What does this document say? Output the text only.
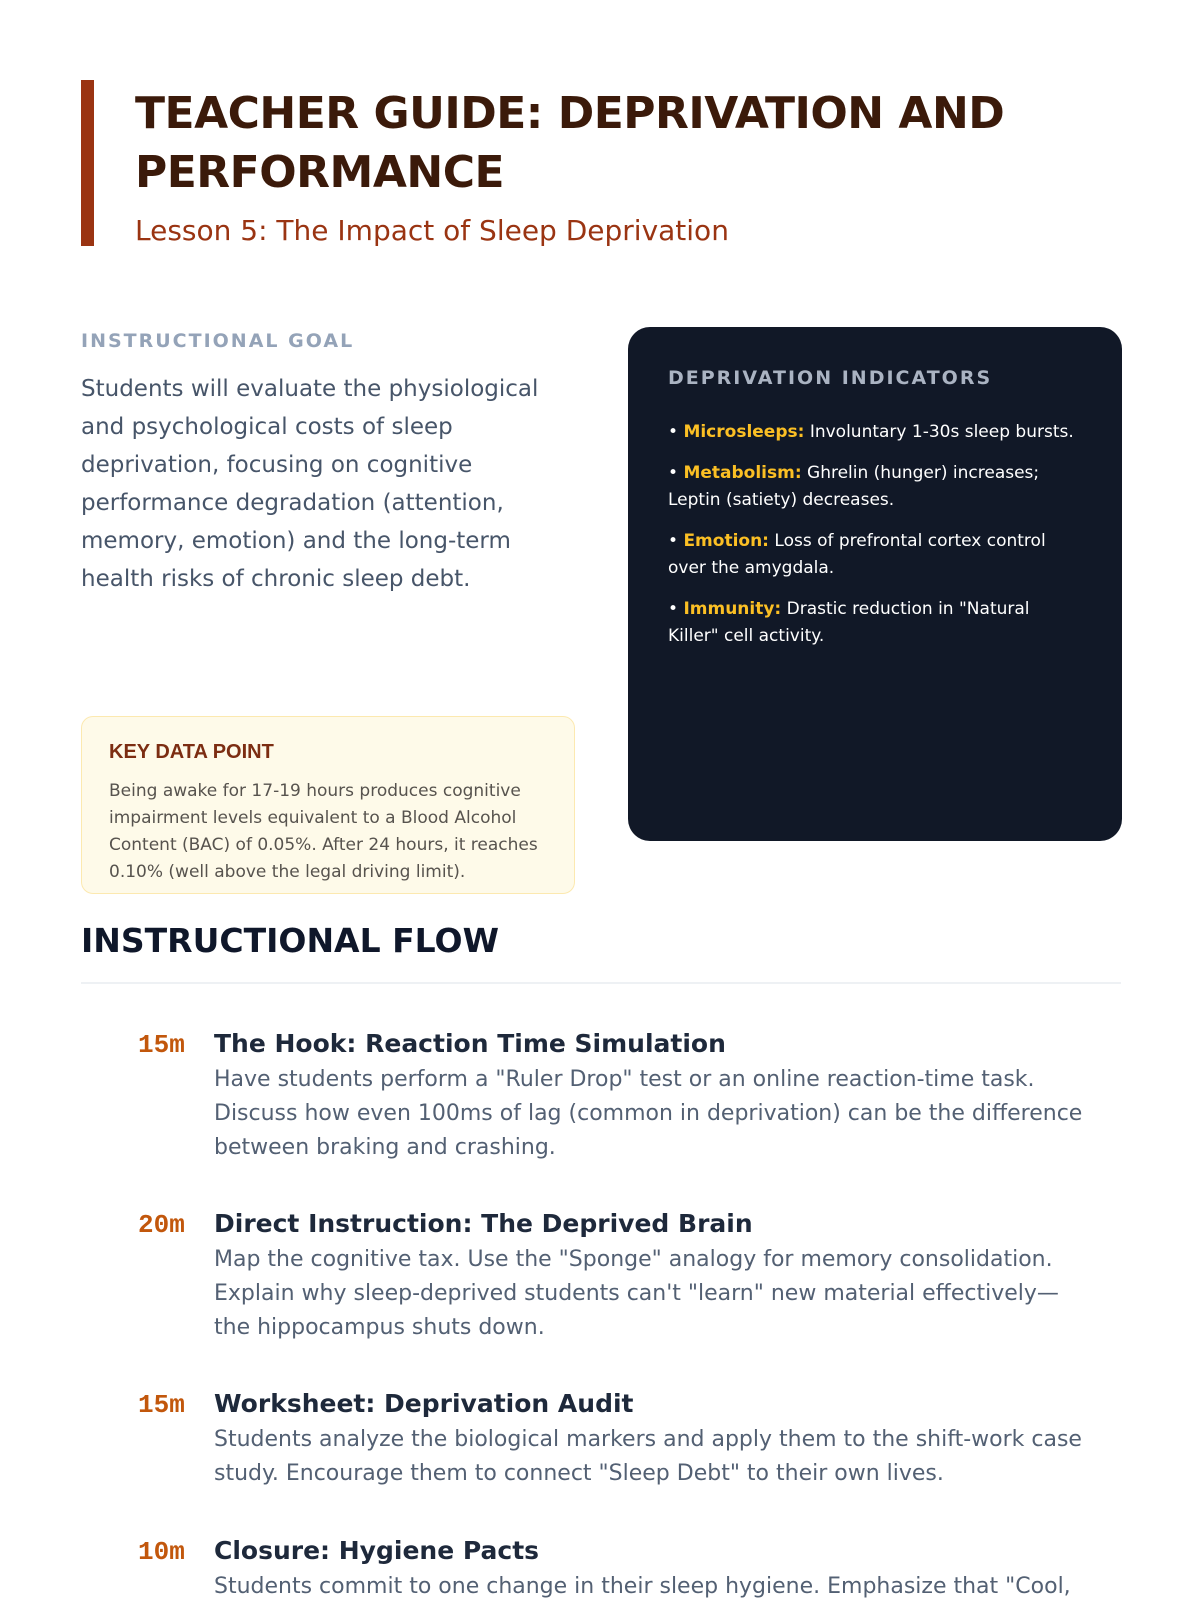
TEACHER GUIDE: DEPRIVATION AND PERFORMANCE
Lesson 5: The Impact of Sleep Deprivation
INSTRUCTIONAL GOAL

Students will evaluate the physiological and psychological costs of sleep deprivation, focusing on cognitive performance degradation (attention, memory, emotion) and the long-term health risks of chronic sleep debt.

KEY DATA POINT

Being awake for 17-19 hours produces cognitive impairment levels equivalent to a Blood Alcohol Content (BAC) of 0.05%. After 24 hours, it reaches 0.10% (well above the legal driving limit).

DEPRIVATION INDICATORS
• Microsleeps: Involuntary 1-30s sleep bursts.
• Metabolism: Ghrelin (hunger) increases; Leptin (satiety) decreases.
• Emotion: Loss of prefrontal cortex control over the amygdala.
• Immunity: Drastic reduction in "Natural Killer" cell activity.
INSTRUCTIONAL FLOW
15m	The Hook: Reaction Time Simulation

Have students perform a "Ruler Drop" test or an online reaction-time task. Discuss how even 100ms of lag (common in deprivation) can be the difference between braking and crashing.

20m	Direct Instruction: The Deprived Brain

Map the cognitive tax. Use the "Sponge" analogy for memory consolidation. Explain why sleep-deprived students can't "learn" new material effectively—the hippocampus shuts down.

15m	Worksheet: Deprivation Audit

Students analyze the biological markers and apply them to the shift-work case study. Encourage them to connect "Sleep Debt" to their own lives.

10m	Closure: Hygiene Pacts

Students commit to one change in their sleep hygiene. Emphasize that "Cool,
